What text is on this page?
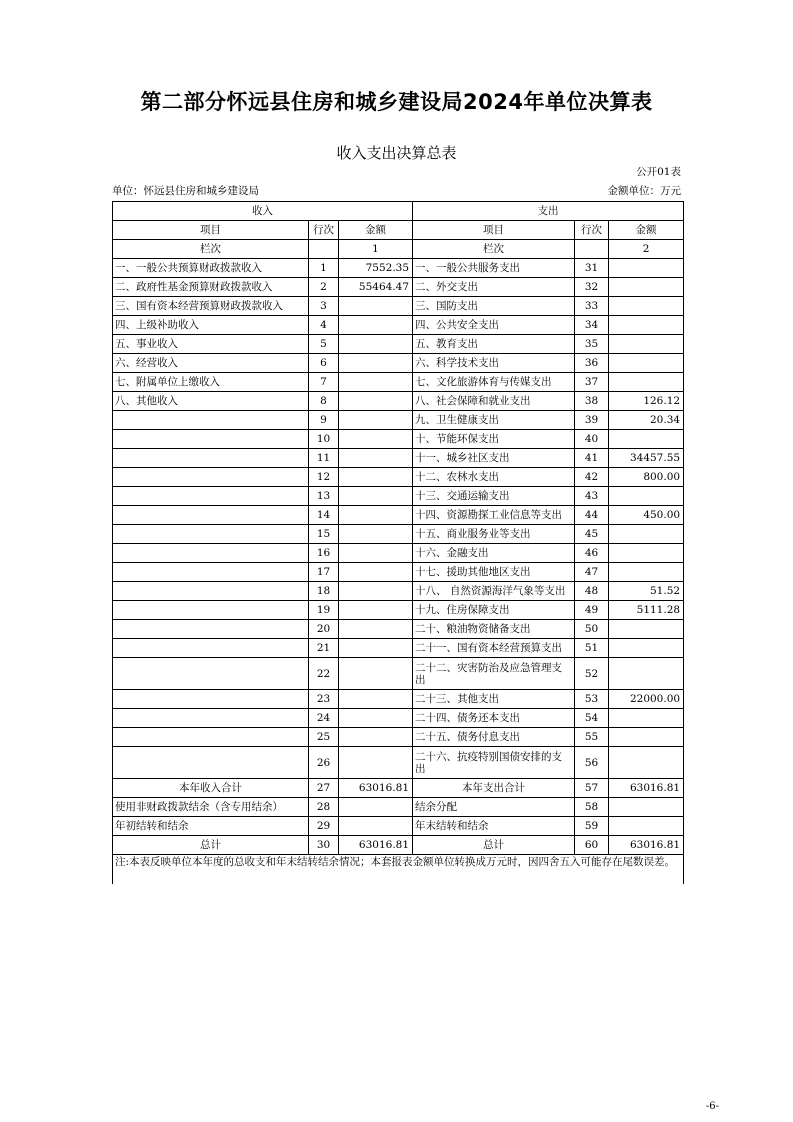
第二部分怀远县住房和城乡建设局2024年单位决算表
收入支出决算总表
公开01表
单位：怀远县住房和城乡建设局	金额单位：万元
收入			支出		
项目	行次	金额	项目	行次	金额
栏次		1	栏次		2
一、一般公共预算财政拨款收入	1	7552.35	一、一般公共服务支出	31	
二、政府性基金预算财政拨款收入	2	55464.47	二、外交支出	32	
三、国有资本经营预算财政拨款收入	3		三、国防支出	33	
四、上级补助收入	4		四、公共安全支出	34	
五、事业收入	5		五、教育支出	35	
六、经营收入	6		六、科学技术支出	36	
七、附属单位上缴收入	7		七、文化旅游体育与传媒支出	37	
八、其他收入	8		八、社会保障和就业支出	38	126.12
	9		九、卫生健康支出	39	20.34
	10		十、节能环保支出	40	
	11		十一、城乡社区支出	41	34457.55
	12		十二、农林水支出	42	800.00
	13		十三、交通运输支出	43	
	14		十四、资源勘探工业信息等支出	44	450.00
	15		十五、商业服务业等支出	45	
	16		十六、金融支出	46	
	17		十七、援助其他地区支出	47	
	18		十八、 自然资源海洋气象等支出	48	51.52
	19		十九、住房保障支出	49	5111.28
	20		二十、粮油物资储备支出	50	
	21		二十一、国有资本经营预算支出	51	
	22		二十二、灾害防治及应急管理支出	52	
	23		二十三、其他支出	53	22000.00
	24		二十四、债务还本支出	54	
	25		二十五、债务付息支出	55	
	26		二十六、抗疫特别国债安排的支出	56	
本年收入合计	27	63016.81	本年支出合计	57	63016.81
使用非财政拨款结余（含专用结余）	28		结余分配	58	
年初结转和结余	29		年末结转和结余	59	
总计	30	63016.81	总计	60	63016.81
注:本表反映单位本年度的总收支和年末结转结余情况；本套报表金额单位转换成万元时，因四舍五入可能存在尾数误差。					
-6-
